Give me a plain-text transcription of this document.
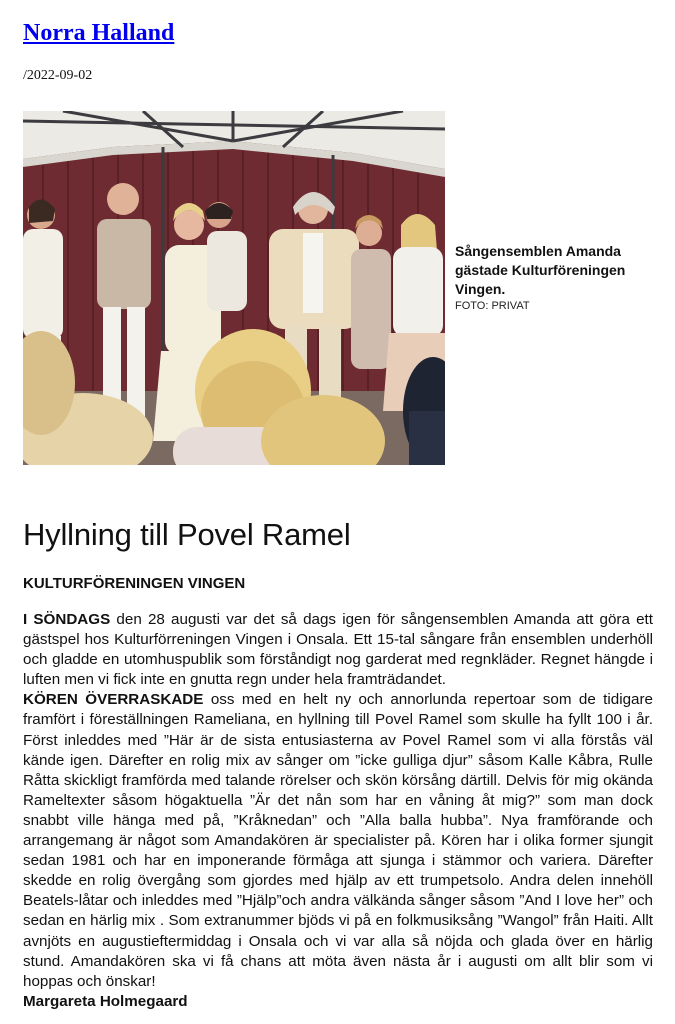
Norra Halland
/2022-09-02

Sångensemblen Amanda gästade Kulturföreningen Vingen.

FOTO: PRIVAT

Hyllning till Povel Ramel
KULTURFÖRENINGEN VINGEN

I SÖNDAGS den 28 augusti var det så dags igen för sångensemblen Amanda att göra ett gästspel hos Kulturförreningen Vingen i Onsala. Ett 15-tal sångare från ensemblen underhöll och gladde en utomhuspublik som förståndigt nog garderat med regnkläder. Regnet hängde i luften men vi fick inte en gnutta regn under hela framträdandet.
KÖREN ÖVERRASKADE oss med en helt ny och annorlunda repertoar som de tidigare framfört i föreställningen Rameliana, en hyllning till Povel Ramel som skulle ha fyllt 100 i år. Först inleddes med ”Här är de sista entusiasterna av Povel Ramel som vi alla förstås väl kände igen. Därefter en rolig mix av sånger om ”icke gulliga djur” såsom Kalle Kåbra, Rulle Råtta skickligt framförda med talande rörelser och skön körsång därtill. Delvis för mig okända Rameltexter såsom högaktuella ”Är det nån som har en våning åt mig?” som man dock snabbt ville hänga med på, ”Kråknedan” och ”Alla balla hubba”. Nya framförande och arrangemang är något som Amandakören är specialister på. Kören har i olika former sjungit sedan 1981 och har en imponerande förmåga att sjunga i stämmor och variera. Därefter skedde en rolig övergång som gjordes med hjälp av ett trumpetsolo. Andra delen innehöll Beatels-låtar och inleddes med ”Hjälp”och andra välkända sånger såsom ”And I love her” och sedan en härlig mix . Som extranummer bjöds vi på en folkmusiksång ”Wangol” från Haiti. Allt avnjöts en augustieftermiddag i Onsala och vi var alla så nöjda och glada över en härlig stund. Amandakören ska vi få chans att möta även nästa år i augusti om allt blir som vi hoppas och önskar!
Margareta Holmegaard
